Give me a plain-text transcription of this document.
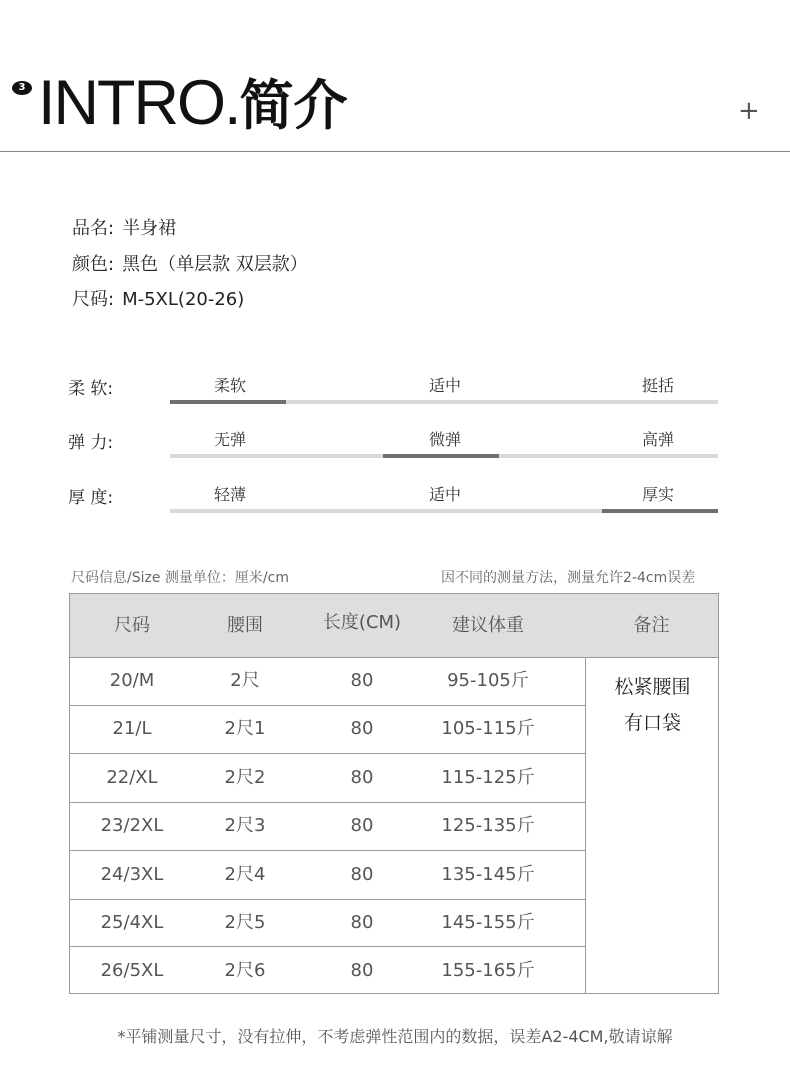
3 INTRO.简介	+
品名: 半身裙
颜色: 黑色（单层款 双层款）
尺码: M-5XL(20-26)
柔 软:	柔软	适中	挺括
弹 力:	无弹	微弹	高弹
厚 度:	轻薄	适中	厚实
尺码信息/Size 测量单位：厘米/cm	因不同的测量方法，测量允许2-4cm误差
尺码	腰围	长度(CM)	建议体重	备注
20/M	2尺	80	95-105斤
21/L	2尺1	80	105-115斤
22/XL	2尺2	80	115-125斤
23/2XL	2尺3	80	125-135斤
24/3XL	2尺4	80	135-145斤
25/4XL	2尺5	80	145-155斤
26/5XL	2尺6	80	155-165斤
松紧腰围
有口袋
*平铺测量尺寸，没有拉伸，不考虑弹性范围内的数据，误差A2-4CM,敬请谅解
